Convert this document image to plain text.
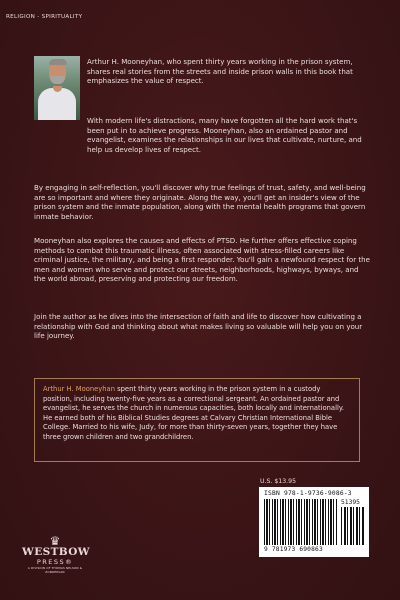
RELIGION - SPIRITUALITY

Arthur H. Mooneyhan, who spent thirty years working in the prison system, shares real stories from the streets and inside prison walls in this book that emphasizes the value of respect.

With modern life's distractions, many have forgotten all the hard work that's been put in to achieve progress. Mooneyhan, also an ordained pastor and evangelist, examines the relationships in our lives that cultivate, nurture, and help us develop lives of respect.

By engaging in self-reflection, you'll discover why true feelings of trust, safety, and well-being are so important and where they originate. Along the way, you'll get an insider's view of the prison system and the inmate population, along with the mental health programs that govern inmate behavior.

Mooneyhan also explores the causes and effects of PTSD. He further offers effective coping methods to combat this traumatic illness, often associated with stress-filled careers like criminal justice, the military, and being a first responder. You'll gain a newfound respect for the men and women who serve and protect our streets, neighborhoods, highways, byways, and the world abroad, preserving and protecting our freedom.

Join the author as he dives into the intersection of faith and life to discover how cultivating a relationship with God and thinking about what makes living so valuable will help you on your life journey.

Arthur H. Mooneyhan spent thirty years working in the prison system in a custody position, including twenty-five years as a correctional sergeant. An ordained pastor and evangelist, he serves the church in numerous capacities, both locally and internationally. He earned both of his Biblical Studies degrees at Calvary Christian International Bible College. Married to his wife, Judy, for more than thirty-seven years, together they have three grown children and two grandchildren.

♛
WESTBOW
PRESS®
A DIVISION OF THOMAS NELSON & ZONDERVAN
U.S. $13.95
ISBN 978-1-9736-9086-3
51395
9 781973 690863
